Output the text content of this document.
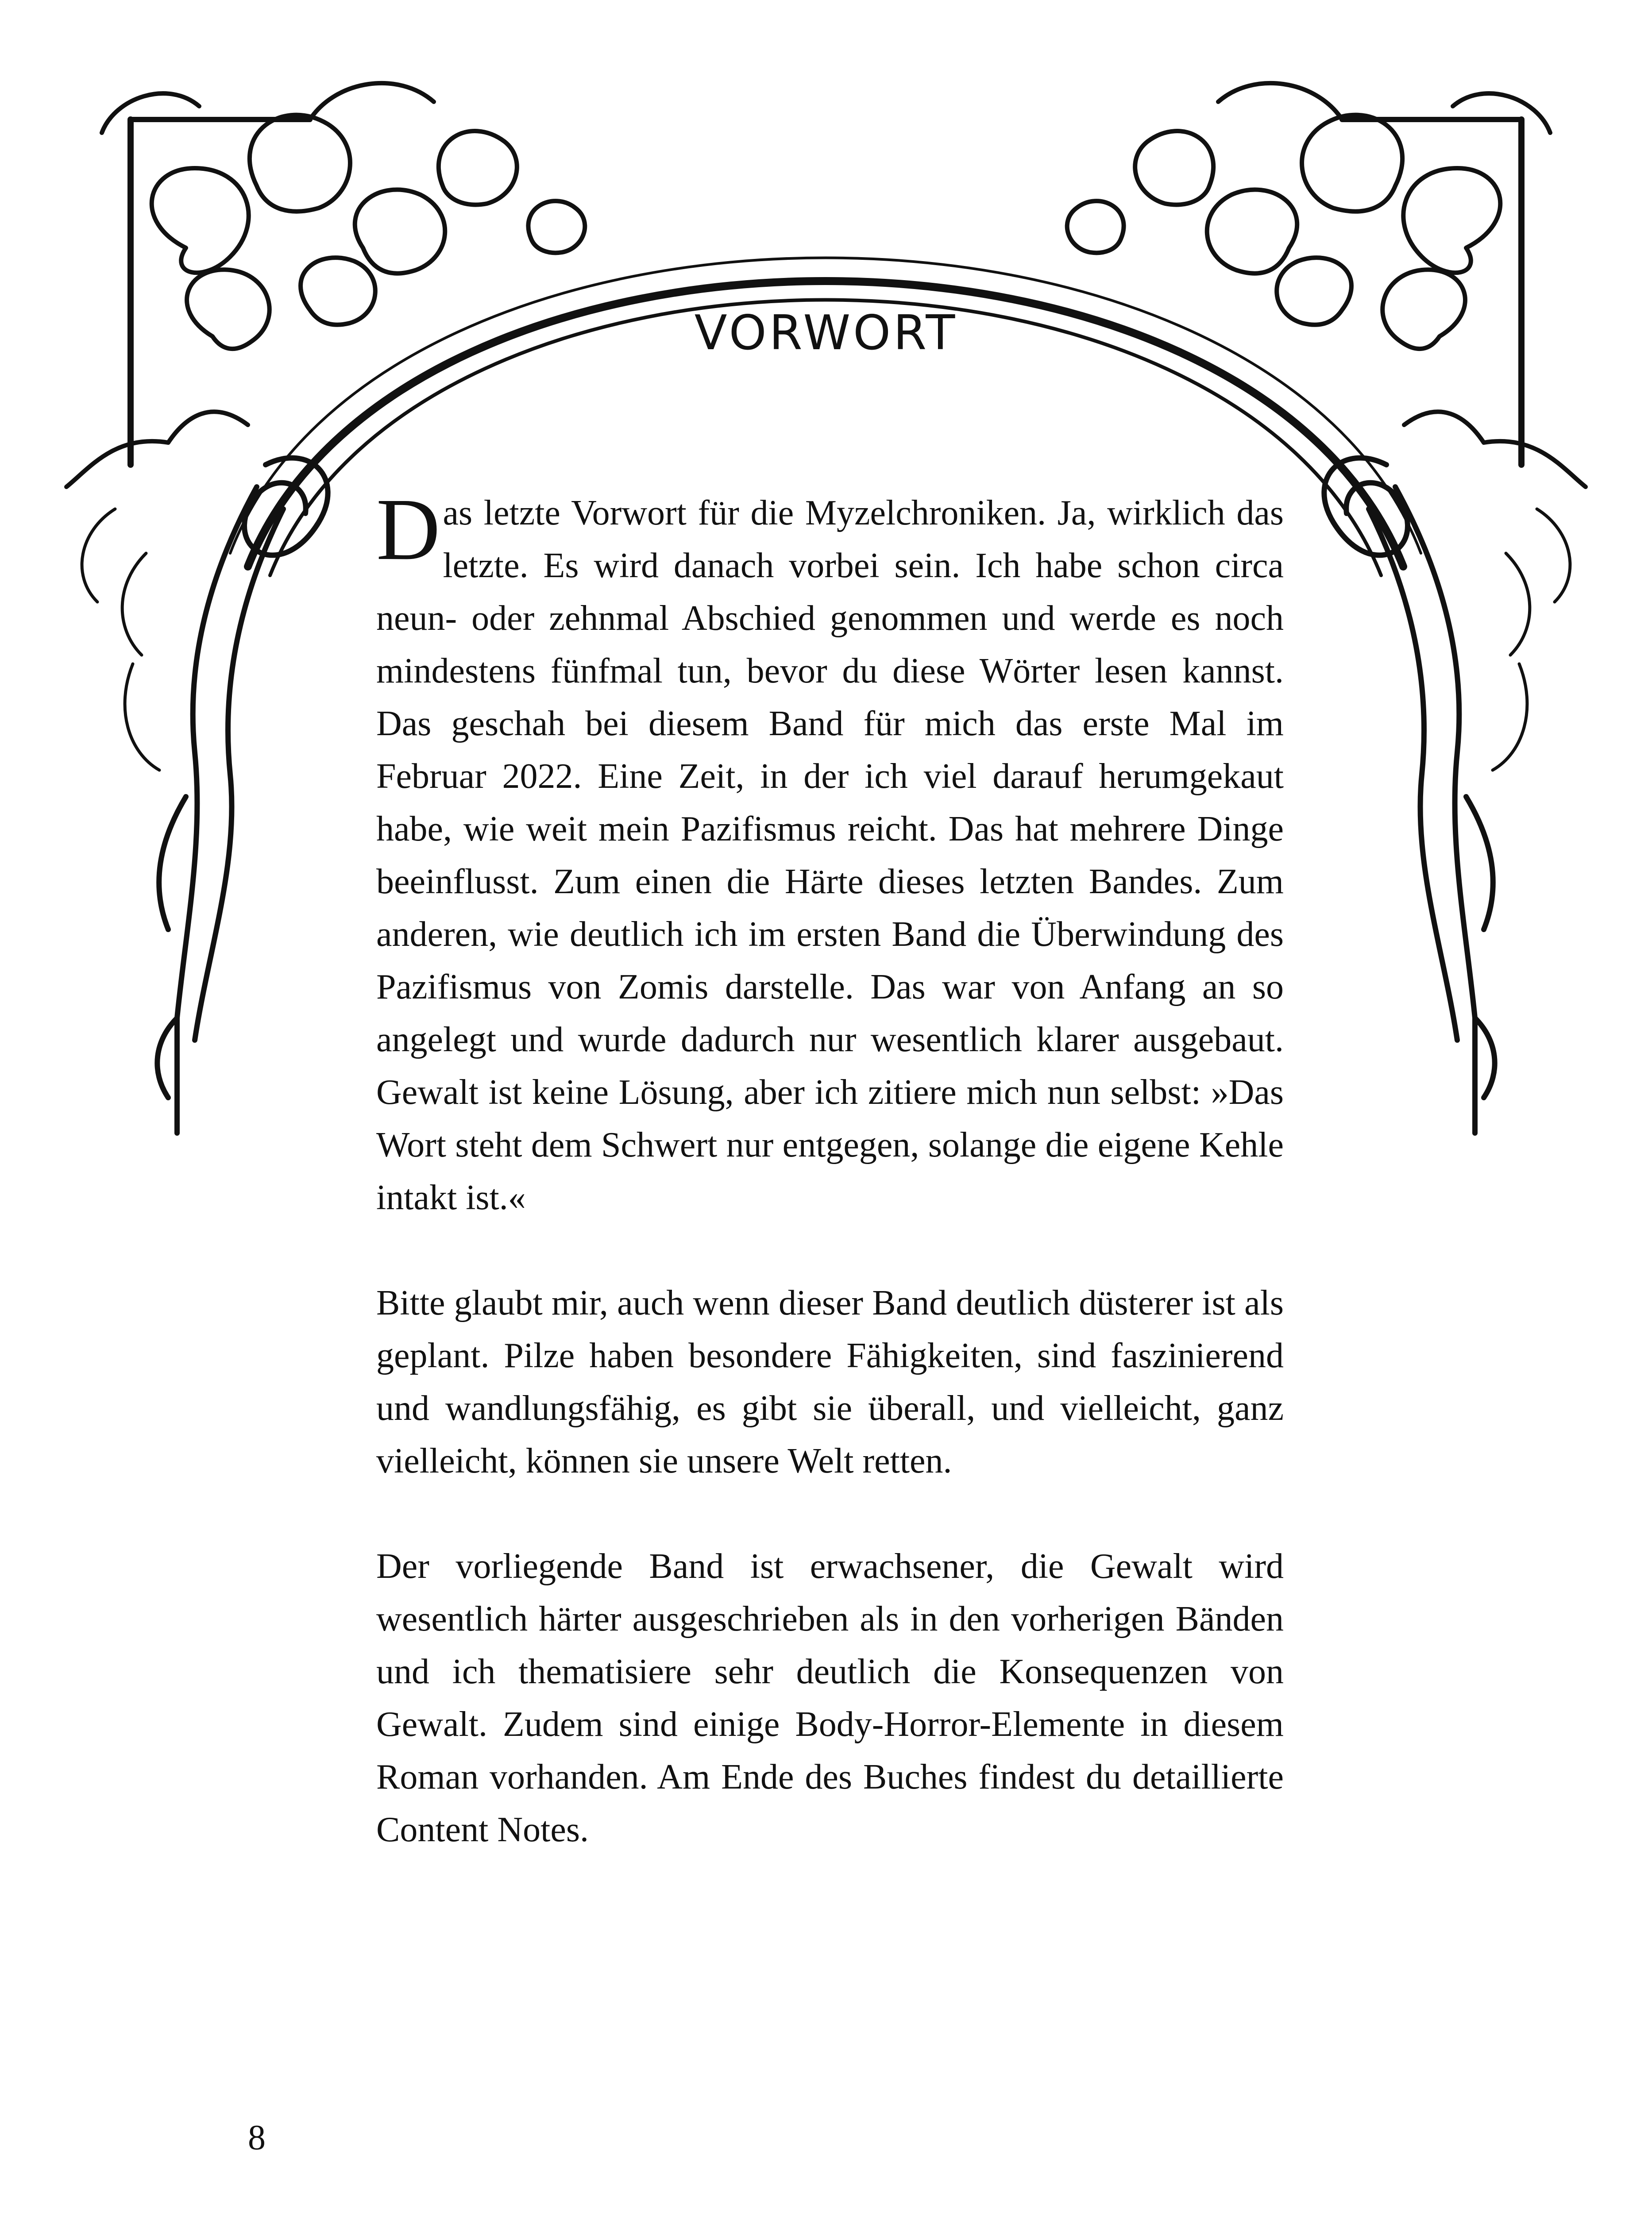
VORWORT

Das letzte Vorwort für die Myzelchroniken. Ja, wirklich das letzte. Es wird danach vorbei sein. Ich habe schon circa neun- oder zehnmal Abschied genommen und werde es noch mindestens fünfmal tun, bevor du diese Wörter lesen kannst. Das geschah bei diesem Band für mich das erste Mal im Februar 2022. Eine Zeit, in der ich viel darauf herumgekaut habe, wie weit mein Pazifismus reicht. Das hat mehrere Dinge beeinflusst. Zum einen die Härte dieses letzten Bandes. Zum anderen, wie deutlich ich im ersten Band die Überwindung des Pazifismus von Zomis darstelle. Das war von Anfang an so angelegt und wurde dadurch nur wesentlich klarer ausgebaut. Gewalt ist keine Lösung, aber ich zitiere mich nun selbst: »Das Wort steht dem Schwert nur entgegen, solange die eigene Kehle intakt ist.«

Bitte glaubt mir, auch wenn dieser Band deutlich düsterer ist als geplant. Pilze haben besondere Fähigkeiten, sind faszinierend und wandlungsfähig, es gibt sie überall, und vielleicht, ganz vielleicht, können sie unsere Welt retten.

Der vorliegende Band ist erwachsener, die Gewalt wird wesentlich härter ausgeschrieben als in den vorherigen Bänden und ich thematisiere sehr deutlich die Konsequenzen von Gewalt. Zudem sind einige Body-Horror-Elemente in diesem Roman vorhanden. Am Ende des Buches findest du detaillierte Content Notes.

8
